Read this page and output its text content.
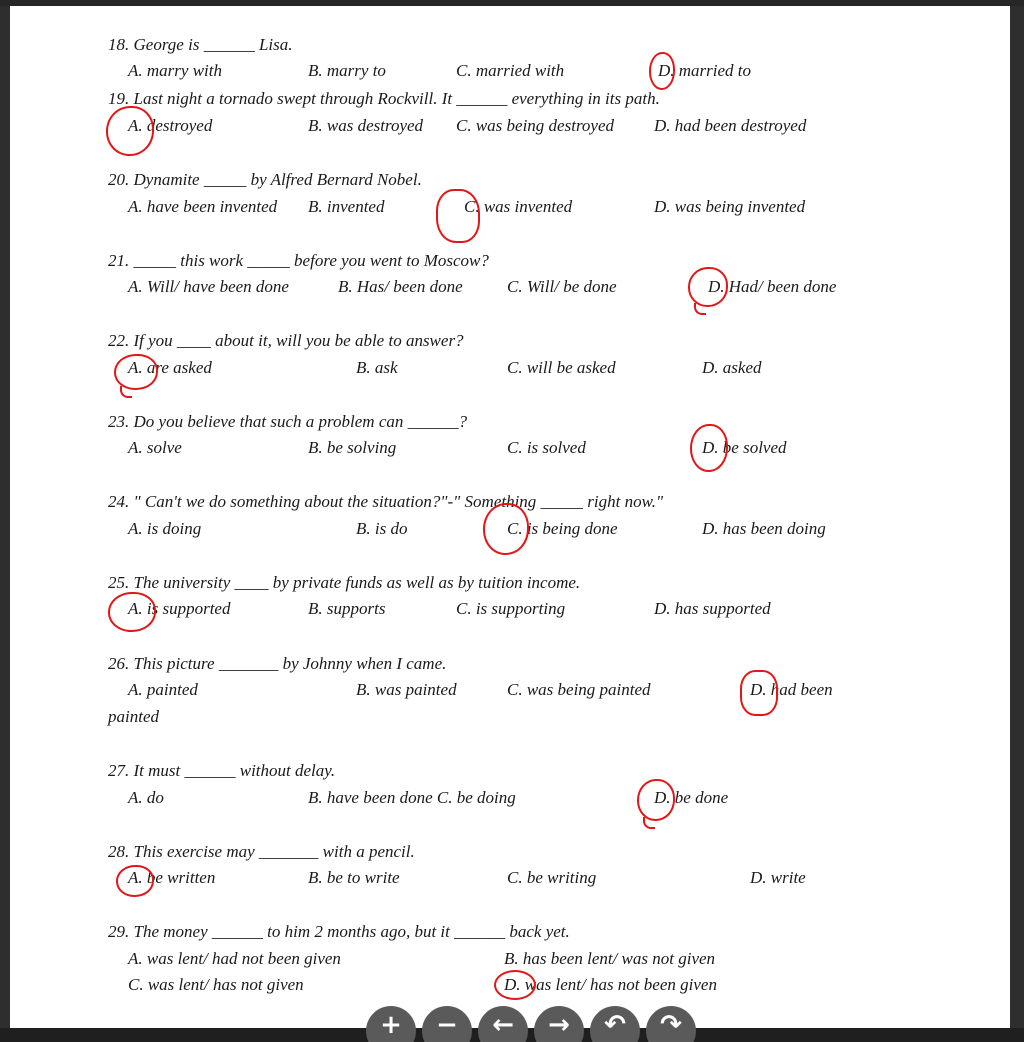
18. George is ______ Lisa.
A. marry with	B. marry to	C. married with	D. married to
19. Last night a tornado swept through Rockvill. It ______ everything in its path.
A. destroyed	B. was destroyed C. was being destroyed D. had been destroyed
20. Dynamite _____ by Alfred Bernard Nobel.
A. have been invented B. invented	C. was invented	D. was being invented
21. _____ this work _____ before you went to Moscow?
A. Will/ have been done	B. Has/ been done	C. Will/ be done	D. Had/ been done
22. If you ____ about it, will you be able to answer?
A. are asked	B. ask	C. will be asked	D. asked
23. Do you believe that such a problem can ______?
A. solve	B. be solving	C. is solved	D. be solved
24. " Can't we do something about the situation?"-" Something _____ right now."
A. is doing	B. is do	C. is being done	D. has been doing
25. The university ____ by private funds as well as by tuition income.
A. is supported	B. supports	C. is supporting	D. has supported
26. This picture _______ by Johnny when I came.
A. painted	B. was painted	C. was being painted	D. had been
painted
27. It must ______ without delay.
A. do	B. have been done C. be doing	D. be done
28. This exercise may _______ with a pencil.
A. be written	B. be to write	C. be writing	D. write
29. The money ______ to him 2 months ago, but it ______ back yet.
A. was lent/ had not been given	B. has been lent/ was not given
C. was lent/ has not given	D. was lent/ has not been given
+ − ← → ↶ ↷
